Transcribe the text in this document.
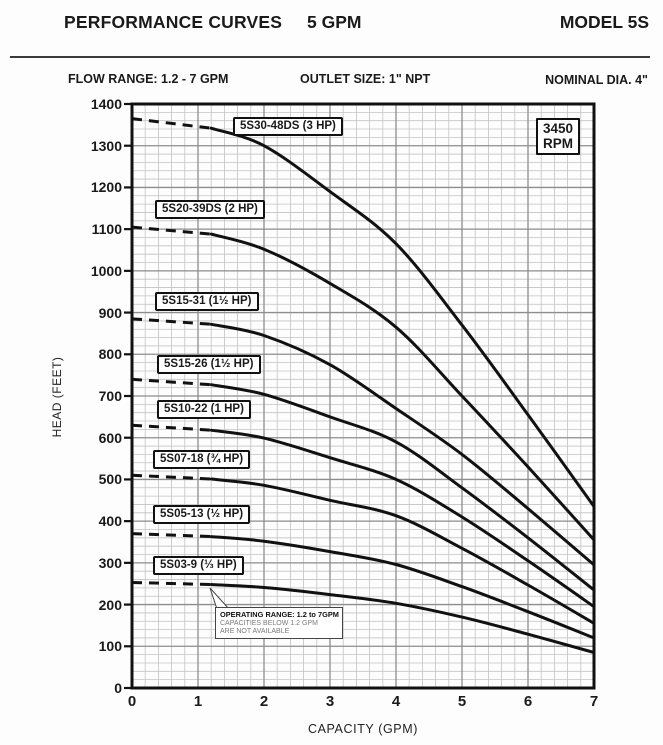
PERFORMANCE CURVES 5 GPM	MODEL 5S
FLOW RANGE: 1.2 - 7 GPM	OUTLET SIZE: 1" NPT	NOMINAL DIA. 4"
0
100
200
300
400
500
600
700
800
900
1000
1100
1200
1300
1400
0	1	2	3	4	5	6	7
HEAD (FEET)
CAPACITY (GPM)
5S30-48DS (3 HP)
5S20-39DS (2 HP)
5S15-31 (1½ HP)
5S15-26 (1½ HP)
5S10-22 (1 HP)
5S07-18 (¾ HP)
5S05-13 (½ HP)
5S03-9 (⅓ HP)
3450
RPM
OPERATING RANGE: 1.2 to 7GPM
CAPACITIES BELOW 1.2 GPM
ARE NOT AVAILABLE
